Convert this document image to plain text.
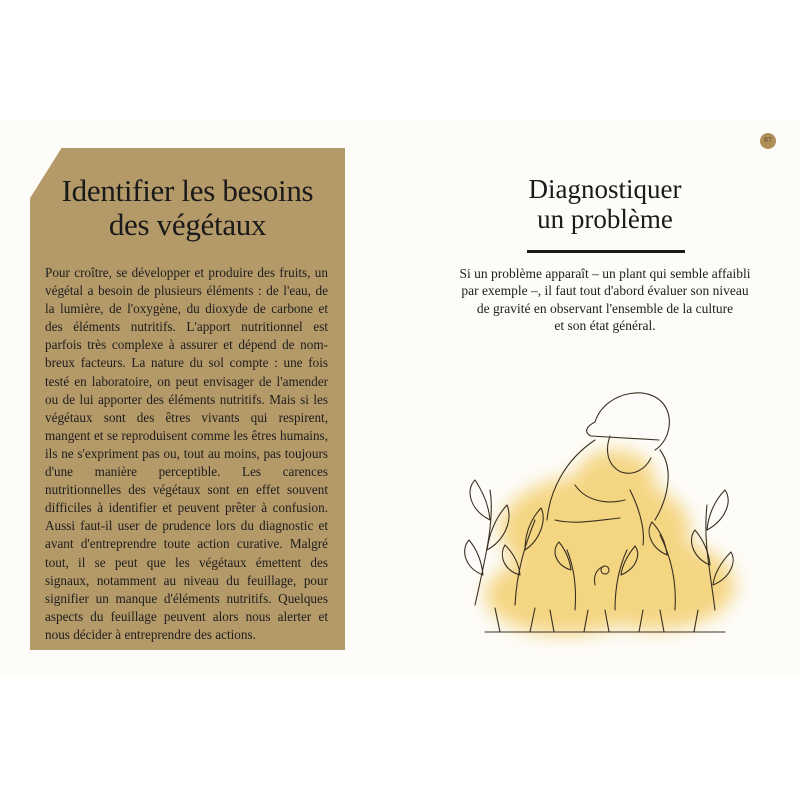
67
Identifier les besoins
des végétaux
Pour croître, se développer et produire des fruits, un végétal a besoin de plusieurs éléments : de l'eau, de la lumière, de l'oxygène, du dioxyde de carbone et des éléments nutritifs. L'apport nutritionnel est parfois très complexe à assurer et dépend de nombreux facteurs. La nature du sol compte : une fois testé en laboratoire, on peut envisager de l'amender ou de lui apporter des éléments nutritifs. Mais si les végétaux sont des êtres vivants qui respirent, mangent et se reproduisent comme les êtres humains, ils ne s'expriment pas ou, tout au moins, pas toujours d'une manière perceptible. Les carences nutritionnelles des végétaux sont en effet souvent difficiles à identifier et peuvent prêter à confusion. Aussi faut-il user de prudence lors du diagnostic et avant d'entreprendre toute action curative. Malgré tout, il se peut que les végétaux émettent des signaux, notamment au niveau du feuillage, pour signifier un manque d'éléments nutritifs. Quelques aspects du feuillage peuvent alors nous alerter et nous décider à entreprendre des actions.
Diagnostiquer
un problème
Si un problème apparaît – un plant qui semble affaibli
par exemple –, il faut tout d'abord évaluer son niveau
de gravité en observant l'ensemble de la culture
et son état général.
